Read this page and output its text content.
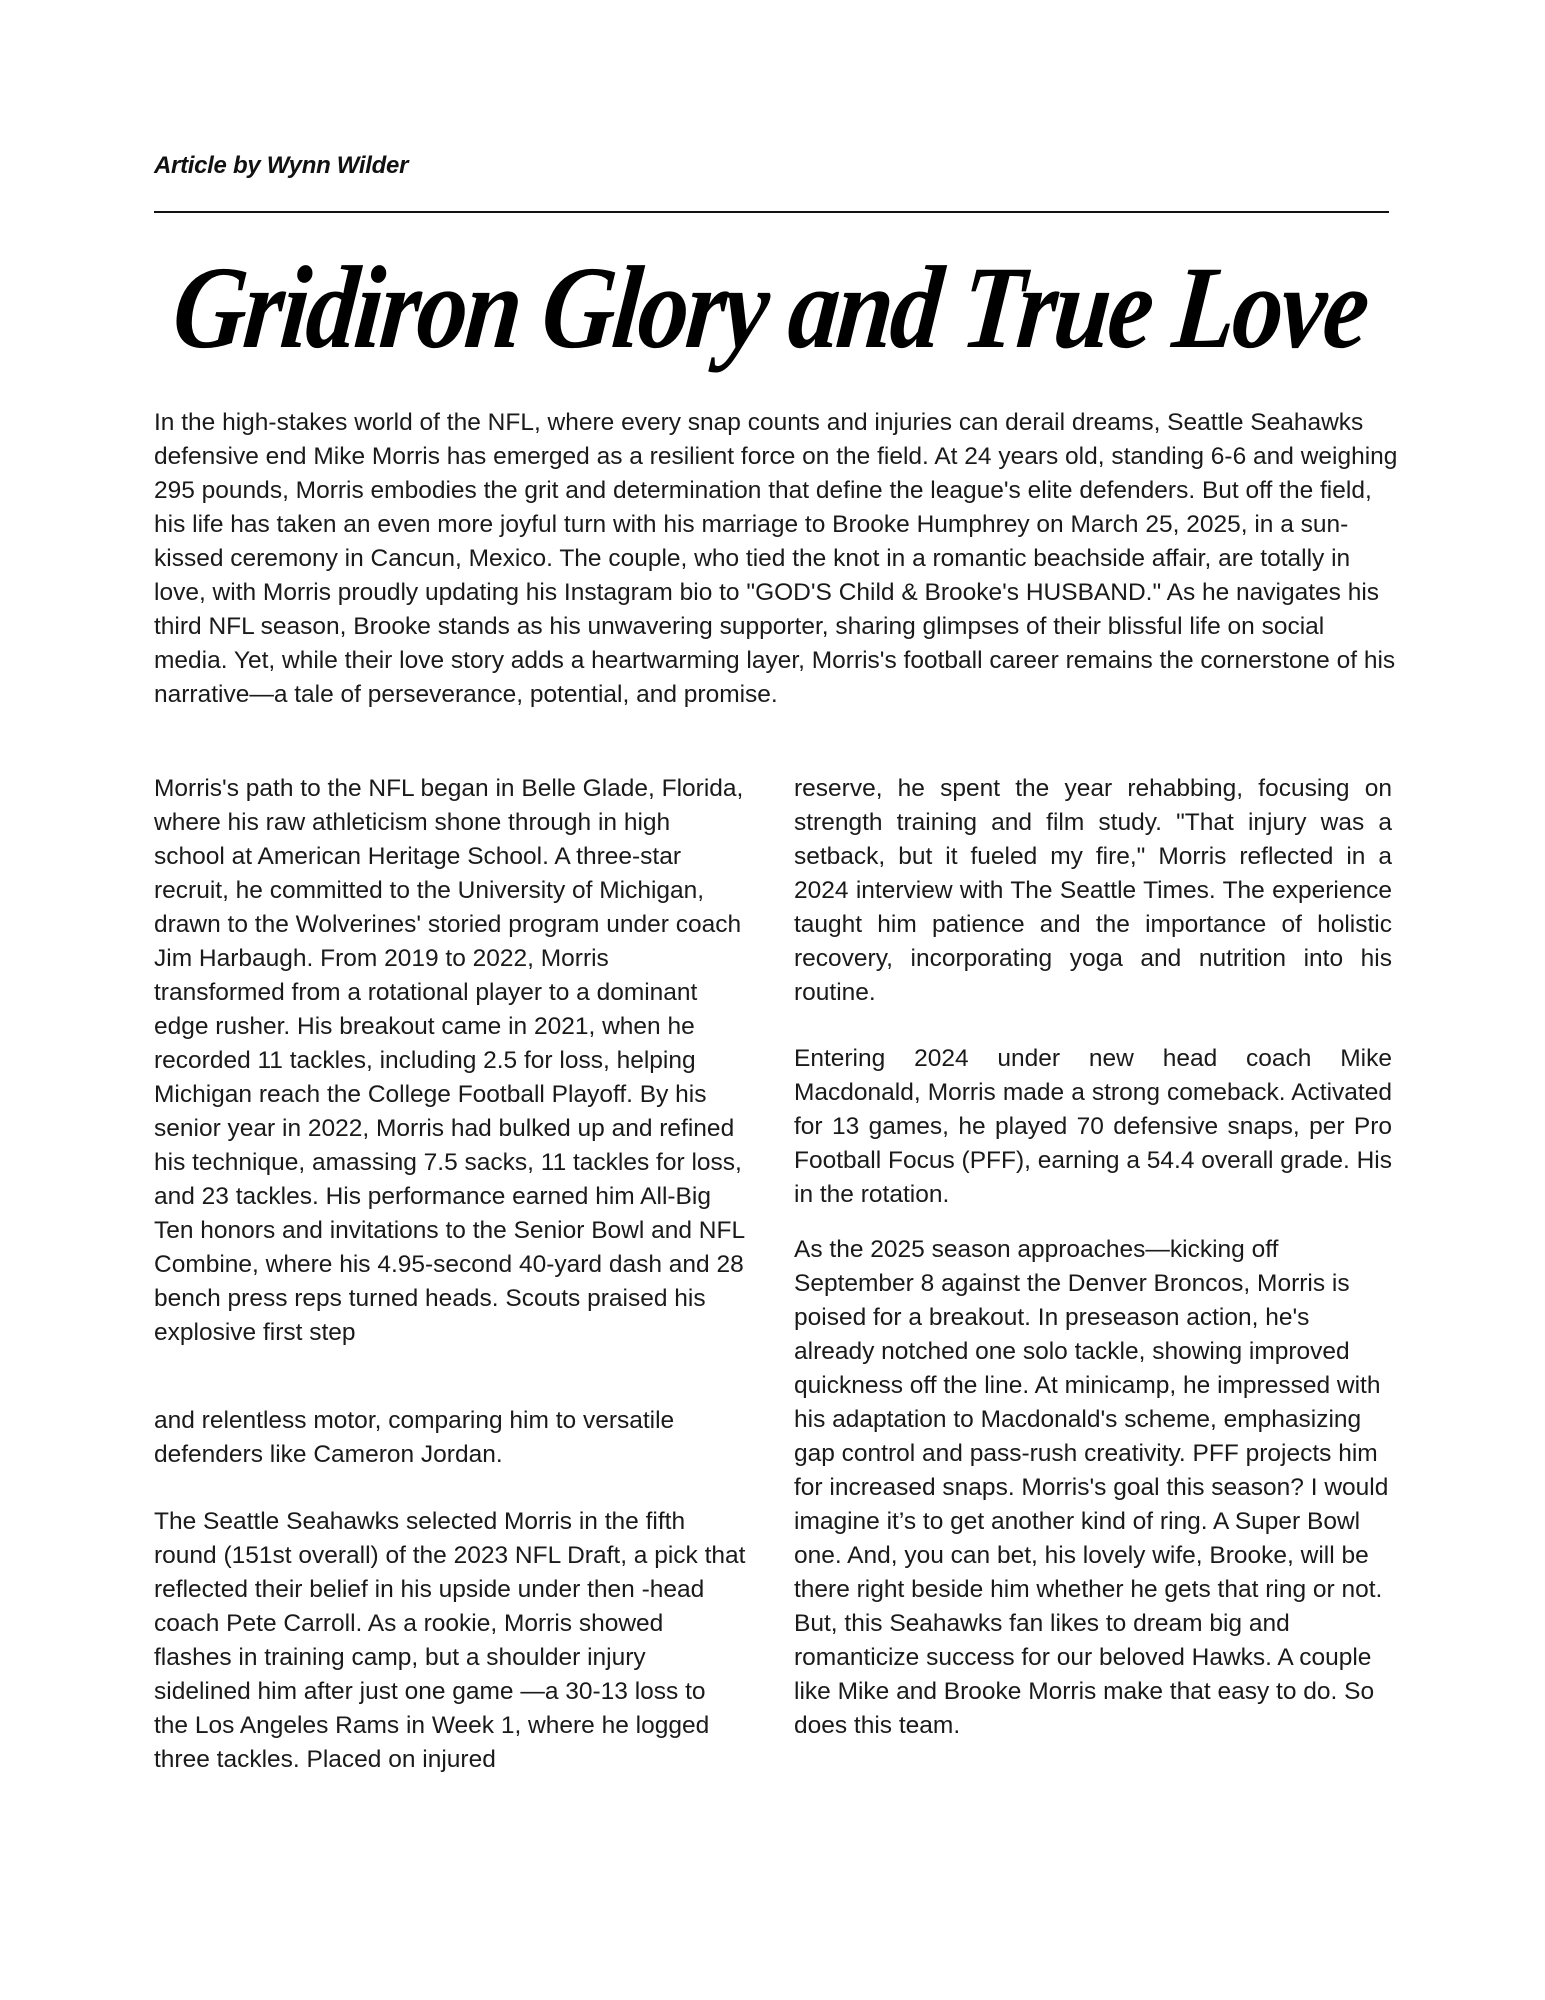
Article by Wynn Wilder
Gridiron Glory and True Love

In the high-stakes world of the NFL, where every snap counts and injuries can derail dreams, Seattle Seahawks defensive end Mike Morris has emerged as a resilient force on the field. At 24 years old, standing 6-6 and weighing 295 pounds, Morris embodies the grit and determination that define the league's elite defenders. But off the field, his life has taken an even more joyful turn with his marriage to Brooke Humphrey on March 25, 2025, in a sun-kissed ceremony in Cancun, Mexico. The couple, who tied the knot in a romantic beachside affair, are totally in love, with Morris proudly updating his Instagram bio to "GOD'S Child & Brooke's HUSBAND." As he navigates his third NFL season, Brooke stands as his unwavering supporter, sharing glimpses of their blissful life on social media. Yet, while their love story adds a heartwarming layer, Morris's football career remains the cornerstone of his narrative—a tale of perseverance, potential, and promise.

Morris's path to the NFL began in Belle Glade, Florida, where his raw athleticism shone through in high school at American Heritage School. A three-star recruit, he committed to the University of Michigan, drawn to the Wolverines' storied program under coach Jim Harbaugh. From 2019 to 2022, Morris transformed from a rotational player to a dominant edge rusher. His breakout came in 2021, when he recorded 11 tackles, including 2.5 for loss, helping Michigan reach the College Football Playoff. By his senior year in 2022, Morris had bulked up and refined his technique, amassing 7.5 sacks, 11 tackles for loss, and 23 tackles. His performance earned him All-Big Ten honors and invitations to the Senior Bowl and NFL Combine, where his 4.95-second 40-yard dash and 28 bench press reps turned heads. Scouts praised his explosive first step

and relentless motor, comparing him to versatile defenders like Cameron Jordan.

The Seattle Seahawks selected Morris in the fifth round (151st overall) of the 2023 NFL Draft, a pick that reflected their belief in his upside under then -head coach Pete Carroll. As a rookie, Morris showed flashes in training camp, but a shoulder injury sidelined him after just one game —a 30-13 loss to the Los Angeles Rams in Week 1, where he logged three tackles. Placed on injured

reserve, he spent the year rehabbing, focusing on strength training and film study. "That injury was a setback, but it fueled my fire," Morris reflected in a 2024 interview with The Seattle Times. The experience taught him patience and the importance of holistic recovery, incorporating yoga and nutrition into his routine.

Entering 2024 under new head coach Mike Macdonald, Morris made a strong comeback. Activated for 13 games, he played 70 defensive snaps, per Pro Football Focus (PFF), earning a 54.4 overall grade. His in the rotation.

As the 2025 season approaches—kicking off September 8 against the Denver Broncos, Morris is poised for a breakout. In preseason action, he's already notched one solo tackle, showing improved quickness off the line. At minicamp, he impressed with his adaptation to Macdonald's scheme, emphasizing gap control and pass-rush creativity. PFF projects him for increased snaps. Morris's goal this season? I would imagine it’s to get another kind of ring. A Super Bowl one. And, you can bet, his lovely wife, Brooke, will be there right beside him whether he gets that ring or not. But, this Seahawks fan likes to dream big and romanticize success for our beloved Hawks. A couple like Mike and Brooke Morris make that easy to do. So does this team.
